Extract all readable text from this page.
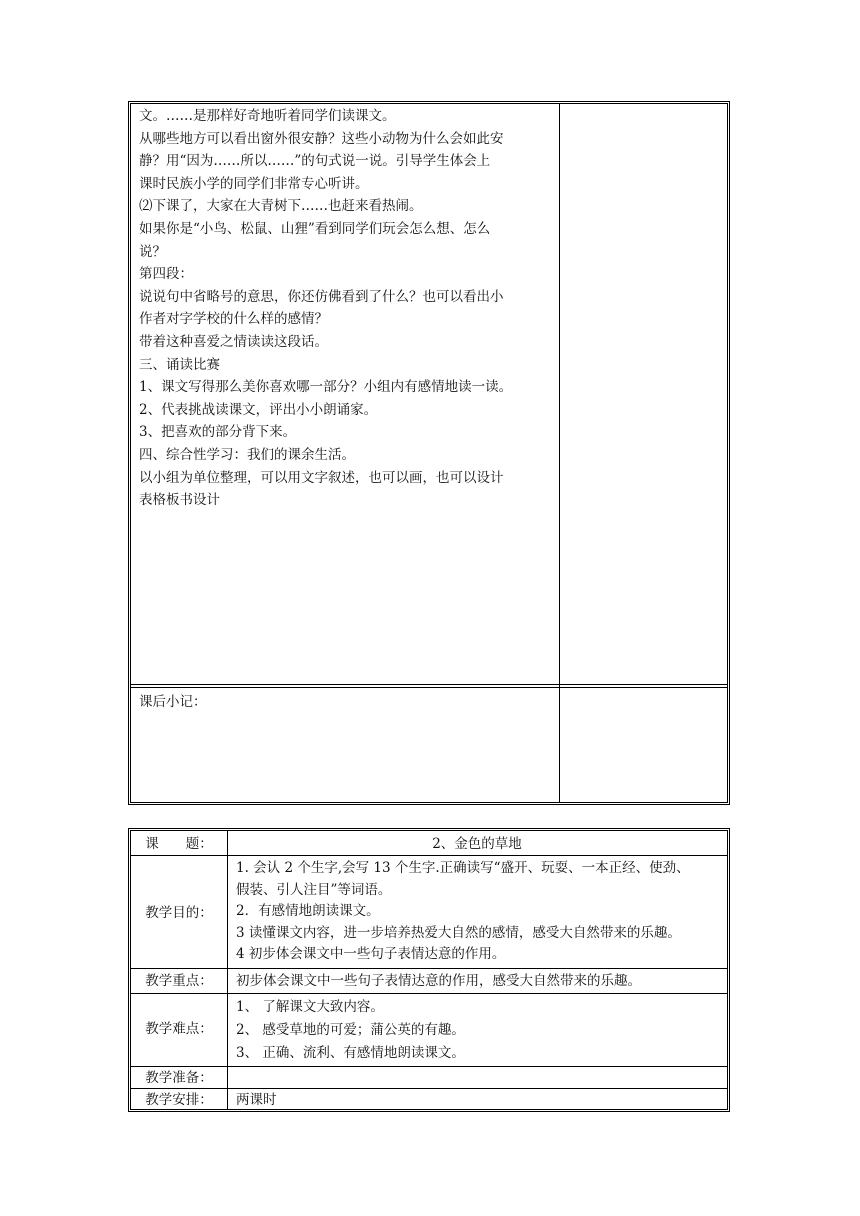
文。……是那样好奇地听着同学们读课文。

从哪些地方可以看出窗外很安静？这些小动物为什么会如此安

静？用“因为……所以……”的句式说一说。引导学生体会上

课时民族小学的同学们非常专心听讲。

⑵下课了，大家在大青树下……也赶来看热闹。

如果你是“小鸟、松鼠、山狸”看到同学们玩会怎么想、怎么

说？

第四段：

说说句中省略号的意思，你还仿佛看到了什么？也可以看出小

作者对字学校的什么样的感情？

带着这种喜爱之情读读这段话。

三、诵读比赛

1、课文写得那么美你喜欢哪一部分？小组内有感情地读一读。

2、代表挑战读课文，评出小小朗诵家。

3、把喜欢的部分背下来。

四、综合性学习：我们的课余生活。

以小组为单位整理，可以用文字叙述，也可以画，也可以设计

表格板书设计

课后小记：

课　　题：	2、金色的草地
教学目的：

1. 会认 2 个生字,会写 13 个生字.正确读写“盛开、玩耍、一本正经、使劲、

假装、引人注目”等词语。

2．有感情地朗读课文。

3 读懂课文内容，进一步培养热爱大自然的感情，感受大自然带来的乐趣。

4 初步体会课文中一些句子表情达意的作用。

教学重点：	初步体会课文中一些句子表情达意的作用，感受大自然带来的乐趣。

教学难点：

1、 了解课文大致内容。

2、 感受草地的可爱；蒲公英的有趣。

3、 正确、流利、有感情地朗读课文。

教学准备：

教学安排：	两课时
